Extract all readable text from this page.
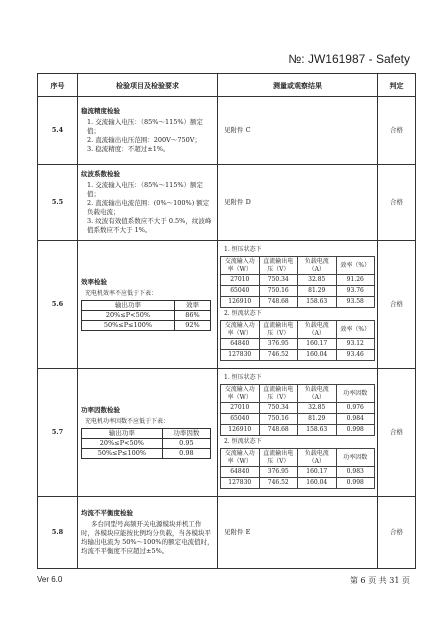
№: JW161987 - Safety
序号	检验项目及检验要求	测量或观察结果	判定
5.4	
稳流精度检验
1. 交流输入电压：（85%～115%）额定值；
2. 直流输出电压范围：200V～750V；
3. 稳流精度：不超过±1%。
	见附件 C	合格
5.5	
纹波系数检验
1. 交流输入电压：（85%～115%）额定值；
2. 直流输出电流范围：(0%～100%) 额定负载电流；
3. 纹波有效值系数应不大于 0.5%，纹波峰值系数应不大于 1%。
	见附件 D	合格
5.6	
效率检验
充电机效率不应低于下表：
输出功率	效率
20%≤P<50%	86%
50%≤P≤100%	92%

1. 恒压状态下
交流输入功率（W）	直流输出电压（V）	负载电流（A）	效率（%）
27010	750.34	32.85	91.26
65040	750.16	81.29	93.76
126910	748.68	158.63	93.58
2. 恒流状态下
交流输入功率（W）	直流输出电压（V）	负载电流（A）	效率（%）
64840	376.95	160.17	93.12
127830	746.52	160.04	93.46
	合格
5.7	
功率因数检验
充电机功率因数不应低于下表：
输出功率	功率因数
20%≤P<50%	0.95
50%≤P≤100%	0.98

1. 恒压状态下
交流输入功率（W）	直流输出电压（V）	负载电流（A）	功率因数
27010	750.34	32.85	0.976
65040	750.16	81.29	0.984
126910	748.68	158.63	0.998
2. 恒流状态下
交流输入功率（W）	直流输出电压（V）	负载电流（A）	功率因数
64840	376.95	160.17	0.983
127830	746.52	160.04	0.998
	合格
5.8	
均流不平衡度检验
多台同型号高频开关电源模块并机工作时，各模块应能按比例均分负载，当各模块平均输出电流为 50%～100%的额定电流值时，均流不平衡度不应超过±5%。
	见附件 E	合格
Ver 6.0	第 6 页 共 31 页
